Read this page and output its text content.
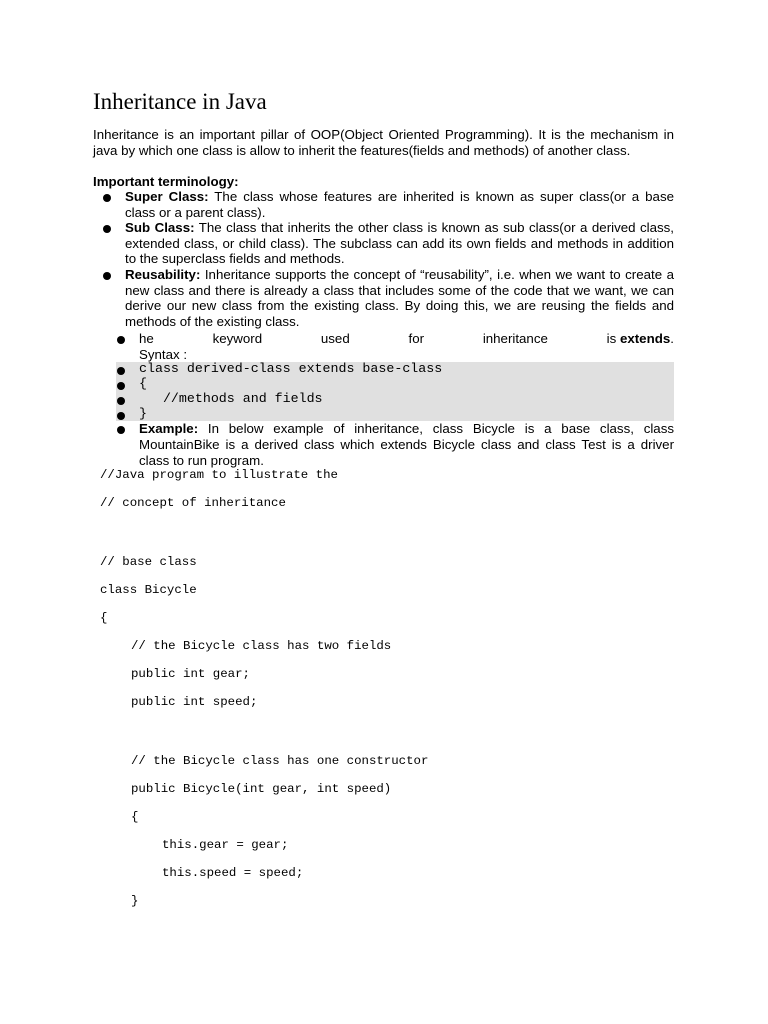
Inheritance in Java
Inheritance is an important pillar of OOP(Object Oriented Programming). It is the mechanism in java by which one class is allow to inherit the features(fields and methods) of another class.
Important terminology:
Super Class: The class whose features are inherited is known as super class(or a base class or a parent class).
Sub Class: The class that inherits the other class is known as sub class(or a derived class, extended class, or child class). The subclass can add its own fields and methods in addition to the superclass fields and methods.
Reusability: Inheritance supports the concept of “reusability”, i.e. when we want to create a new class and there is already a class that includes some of the code that we want, we can derive our new class from the existing class. By doing this, we are reusing the fields and methods of the existing class.
he	keyword	used	for	inheritance	is extends.
Syntax :
class derived-class extends base-class
{
//methods and fields
}
Example: In below example of inheritance, class Bicycle is a base class, class MountainBike is a derived class which extends Bicycle class and class Test is a driver class to run program.
//Java program to illustrate the
// concept of inheritance
// base class
class Bicycle
{
// the Bicycle class has two fields
public int gear;
public int speed;
// the Bicycle class has one constructor
public Bicycle(int gear, int speed)
{
this.gear = gear;
this.speed = speed;
}
